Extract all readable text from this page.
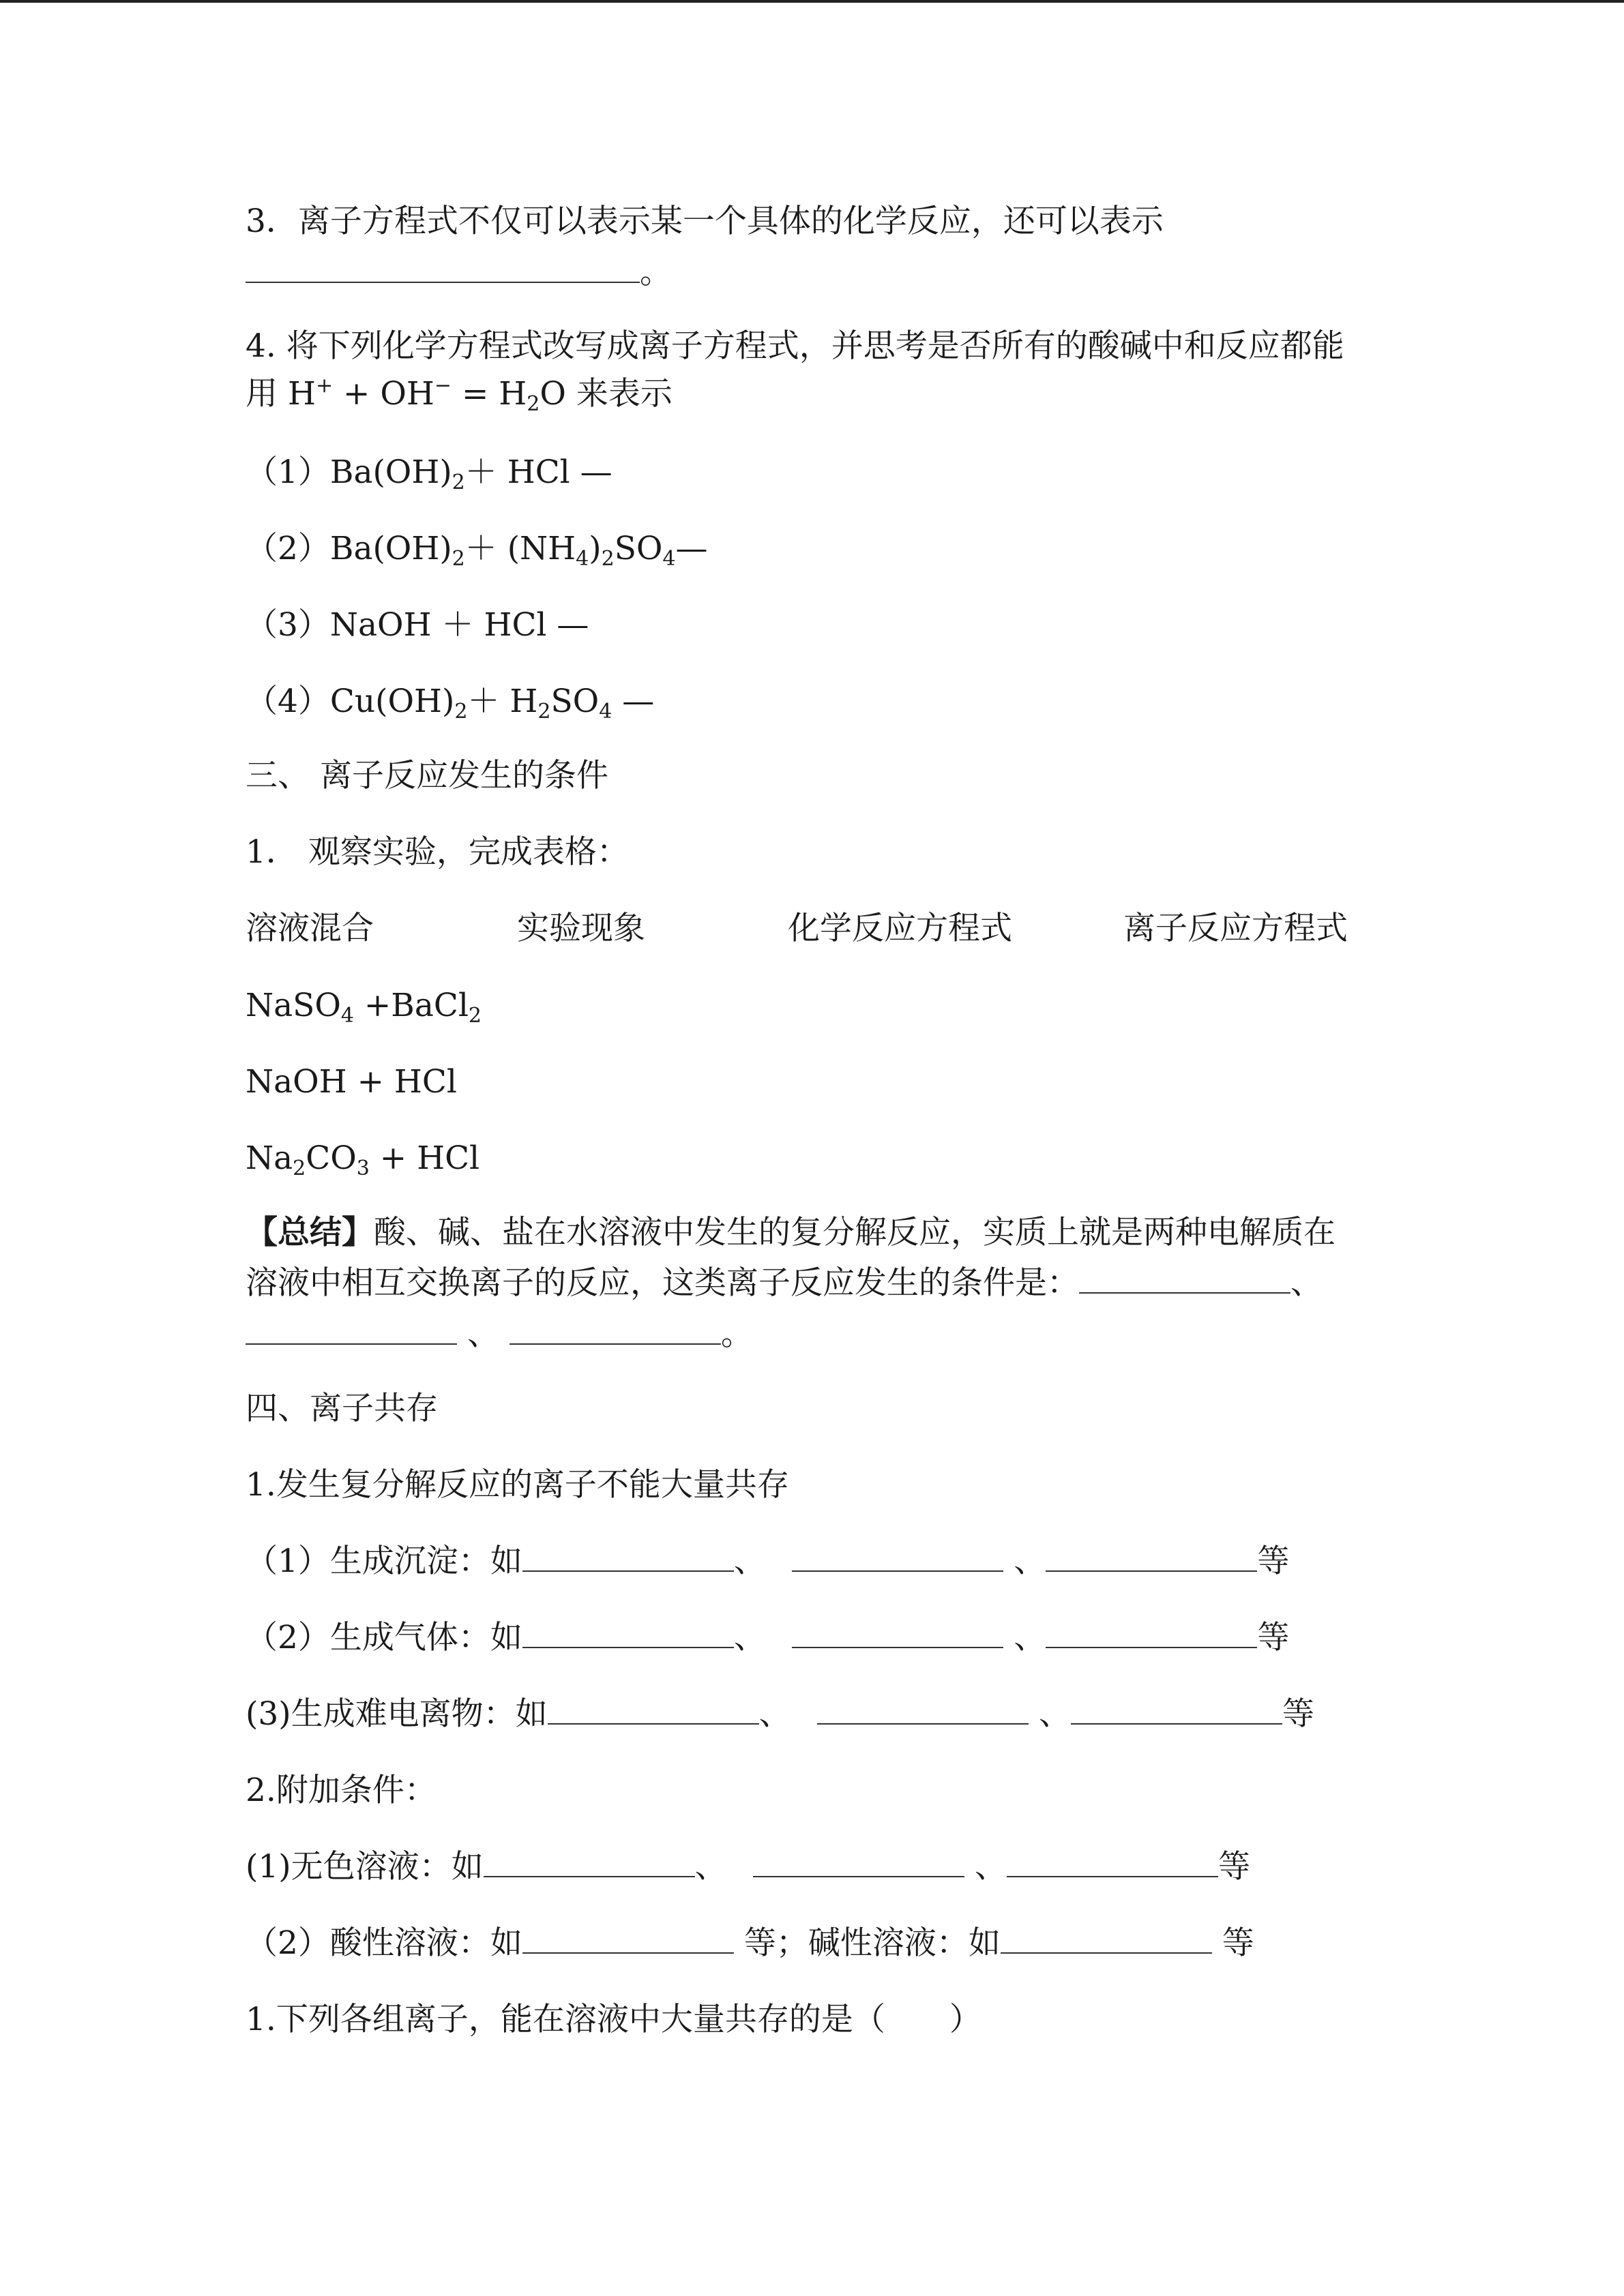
3．离子方程式不仅可以表示某一个具体的化学反应，还可以表示
。
4. 将下列化学方程式改写成离子方程式，并思考是否所有的酸碱中和反应都能
用 $H^+ + OH^- = H_2O$ 来表示
$(1)Ba(OH)_2+$ HCl —
$(2)Ba(OH)_2+$ $(NH_4)_2SO_4—$
（3）NaOH ＋ HCl —
$(4)Cu(OH)_2+ H_2SO_4$ —
三、 离子反应发生的条件
1． 观察实验，完成表格：
溶液混合	实验现象	化学反应方程式	离子反应方程式
NaSO$_4$ +BaCl$_2$
NaOH + HCl
$Na_2CO_3$ + HCl
【总结】酸、碱、盐在水溶液中发生的复分解反应，实质上就是两种电解质在
溶液中相互交换离子的反应，这类离子反应发生的条件是：	、
、	。
四、离子共存
1.发生复分解反应的离子不能大量共存
（1）生成沉淀：如	、　	、	等
（2）生成气体：如	、　	、	等
(3)生成难电离物：如	、　	、	等
2.附加条件：
(1)无色溶液：如	、　	、	等
（2）酸性溶液：如	等；碱性溶液：如	等
1.下列各组离子，能在溶液中大量共存的是（　　）
